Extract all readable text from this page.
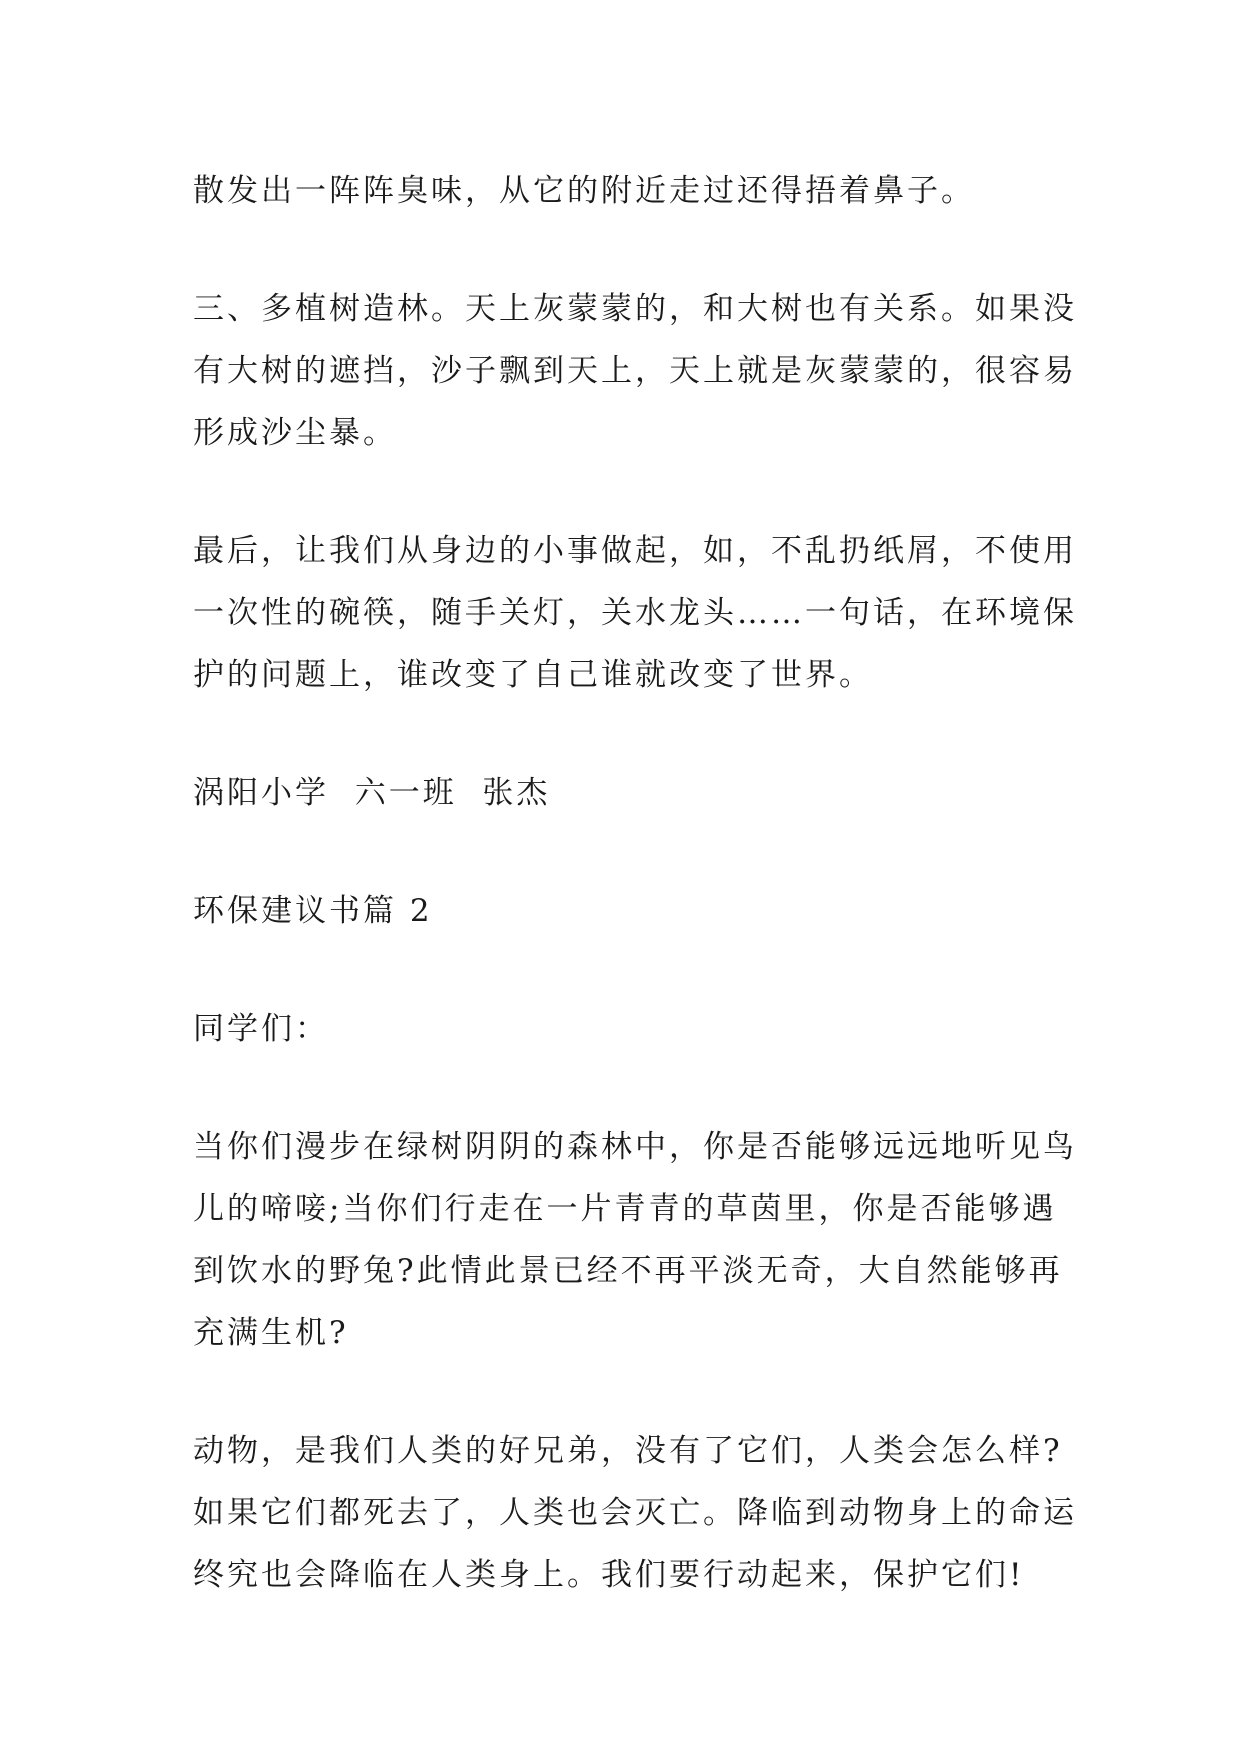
散发出一阵阵臭味，从它的附近走过还得捂着鼻子。

三、多植树造林。天上灰蒙蒙的，和大树也有关系。如果没
有大树的遮挡，沙子飘到天上，天上就是灰蒙蒙的，很容易
形成沙尘暴。

最后，让我们从身边的小事做起，如，不乱扔纸屑，不使用
一次性的碗筷，随手关灯，关水龙头……一句话，在环境保
护的问题上，谁改变了自己谁就改变了世界。

涡阳小学  六一班  张杰

环保建议书篇 2

同学们：

当你们漫步在绿树阴阴的森林中，你是否能够远远地听见鸟
儿的啼唼;当你们行走在一片青青的草茵里，你是否能够遇
到饮水的野兔?此情此景已经不再平淡无奇，大自然能够再
充满生机?

动物，是我们人类的好兄弟，没有了它们，人类会怎么样?
如果它们都死去了，人类也会灭亡。降临到动物身上的命运
终究也会降临在人类身上。我们要行动起来，保护它们!
